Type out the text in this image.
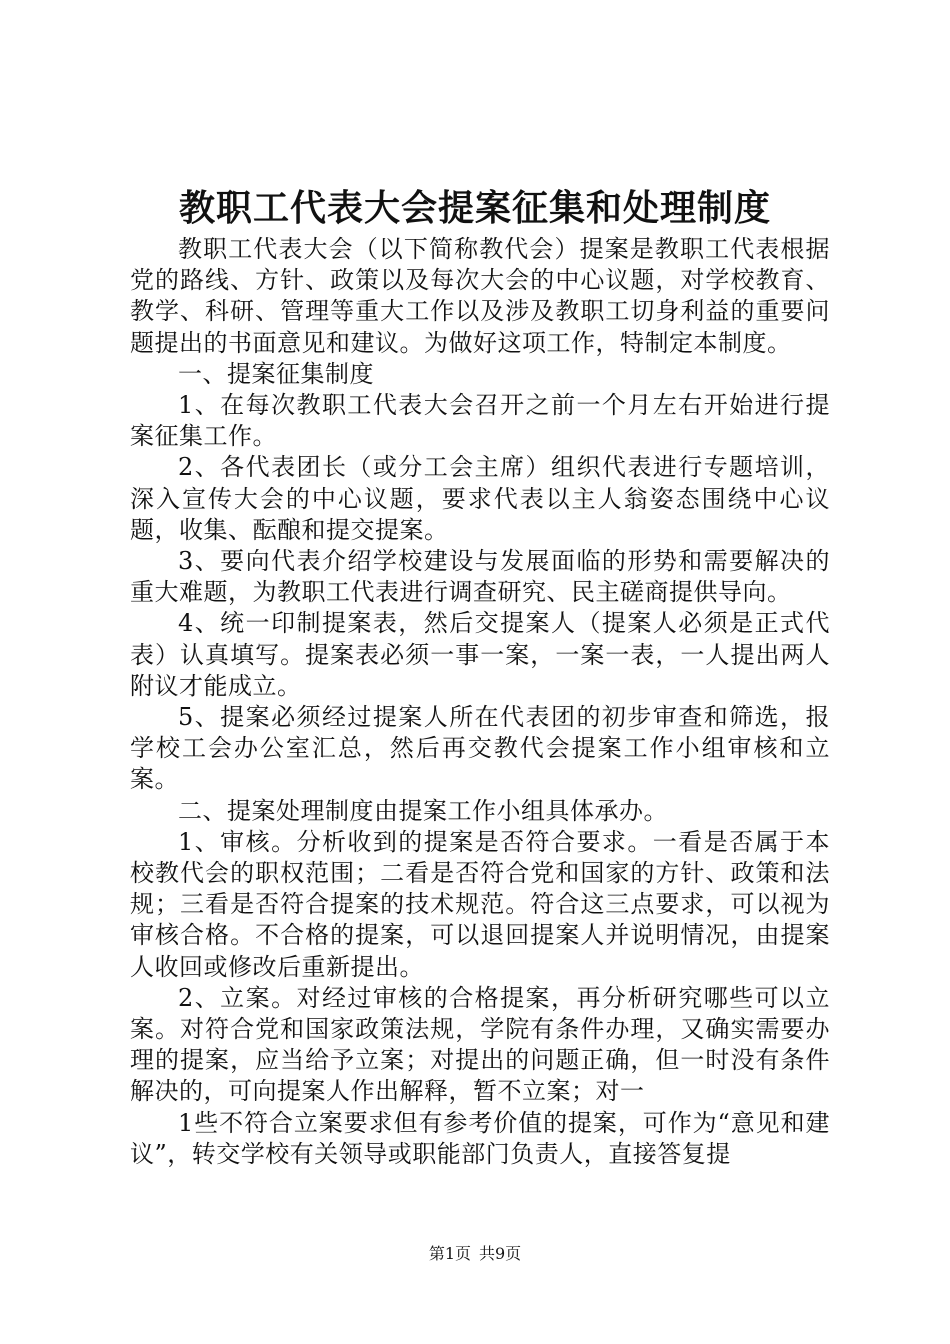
教职工代表大会提案征集和处理制度

教职工代表大会（以下简称教代会）提案是教职工代表根据党的路线、方针、政策以及每次大会的中心议题，对学校教育、教学、科研、管理等重大工作以及涉及教职工切身利益的重要问题提出的书面意见和建议。为做好这项工作，特制定本制度。

一、提案征集制度

1、在每次教职工代表大会召开之前一个月左右开始进行提案征集工作。

2、各代表团长（或分工会主席）组织代表进行专题培训，深入宣传大会的中心议题，要求代表以主人翁姿态围绕中心议题，收集、酝酿和提交提案。

3、要向代表介绍学校建设与发展面临的形势和需要解决的重大难题，为教职工代表进行调查研究、民主磋商提供导向。

4、统一印制提案表，然后交提案人（提案人必须是正式代表）认真填写。提案表必须一事一案，一案一表，一人提出两人附议才能成立。

5、提案必须经过提案人所在代表团的初步审查和筛选，报学校工会办公室汇总，然后再交教代会提案工作小组审核和立案。

二、提案处理制度由提案工作小组具体承办。

1、审核。分析收到的提案是否符合要求。一看是否属于本校教代会的职权范围；二看是否符合党和国家的方针、政策和法规；三看是否符合提案的技术规范。符合这三点要求，可以视为审核合格。不合格的提案，可以退回提案人并说明情况，由提案人收回或修改后重新提出。

2、立案。对经过审核的合格提案，再分析研究哪些可以立案。对符合党和国家政策法规，学院有条件办理，又确实需要办理的提案，应当给予立案；对提出的问题正确，但一时没有条件解决的，可向提案人作出解释，暂不立案；对一

1些不符合立案要求但有参考价值的提案，可作为“意见和建议”，转交学校有关领导或职能部门负责人，直接答复提

第1页 共9页
